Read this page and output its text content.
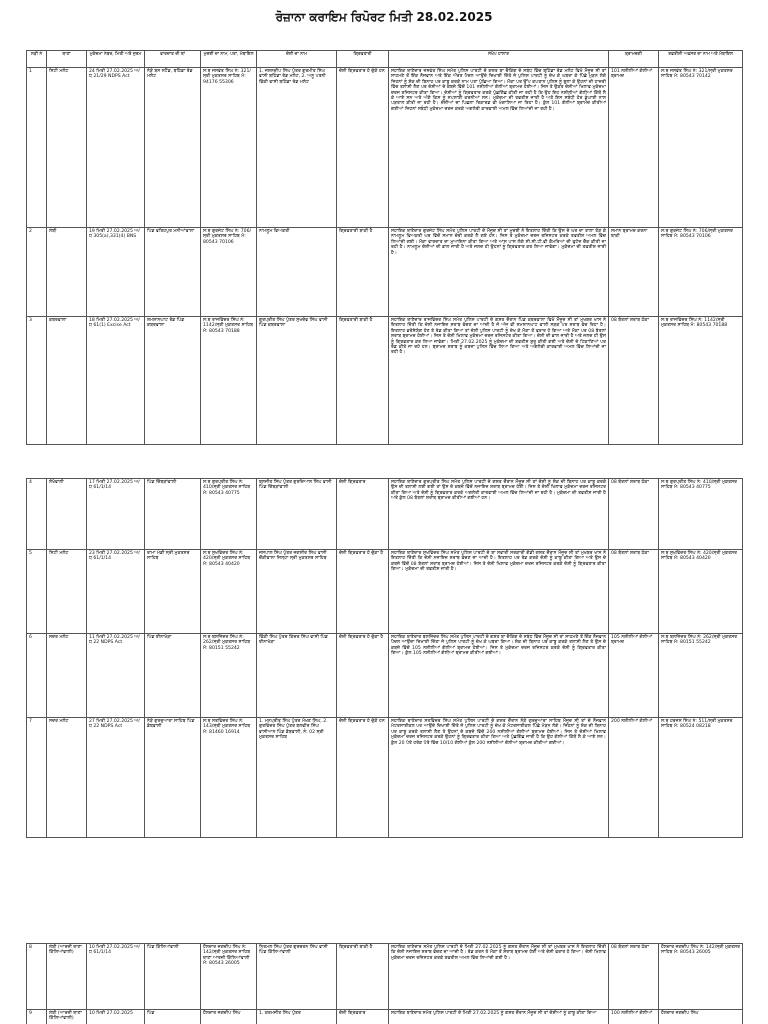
ਰੋਜ਼ਾਨਾ ਕਰਾਇਮ ਰਿਪੋਰਟ ਮਿਤੀ 28.02.2025
ਲੜੀ ਨੰ	ਥਾਣਾ	ਮੁਕੱਦਮਾ ਨੰਬਰ, ਮਿਤੀ ਅਤੇ ਜੁਰਮ	ਵਾਰਦਾਤ ਦੀ ਥਾਂ	ਮੁਦਈ ਦਾ ਨਾਮ, ਪਤਾ, ਮੋਬਾਇਲ	ਦੋਸ਼ੀ ਦਾ ਨਾਮ	ਗ੍ਰਿਫਤਾਰੀ	ਸੰਖੇਪ ਹਾਲਾਤ	ਬ੍ਰਾਮਦਗੀ	ਤਫਤੀਸ਼ੀ ਅਫਸਰ ਦਾ ਨਾਮ ਅਤੇ ਮੋਬਾਇਲ
1	ਸਿਟੀ ਮਲੋਟ	24 ਮਿਤੀ 27.02.2025 ਅ/ਧ 21/29 NDPS Act	ਨੇੜੇ ਬਸ ਸਟੈਂਡ, ਬਠਿੰਡਾ ਰੋਡ ਮਲੋਟ	ਸ:ਥ ਜਸਵੰਤ ਸਿੰਘ ਨੰ: 321/ਸ੍ਰੀ ਮੁਕਤਸਰ ਸਾਹਿਬ ਮੋ: 94176 55306	1. ਜਸ਼ਨਦੀਪ ਸਿੰਘ ਪੁੱਤਰ ਗੁਰਮੀਤ ਸਿੰਘ ਵਾਸੀ ਬਠਿੰਡਾ ਰੋਡ ਮਲੋਟ, 2. ਅਨੂ ਪਤਨੀ ਵਿੱਕੀ ਵਾਸੀ ਬਠਿੰਡਾ ਰੋਡ ਮਲੋਟ	ਦੋਸ਼ੀ ਗ੍ਰਿਫਤਾਰ ਹੋ ਚੁੱਕੇ ਹਨ	ਸਹਾਇਕ ਥਾਣੇਦਾਰ ਜਸਵੰਤ ਸਿੰਘ ਸਮੇਤ ਪੁਲਿਸ ਪਾਰਟੀ ਦੇ ਗਸ਼ਤ ਬਾ ਚੈਕਿੰਗ ਦੇ ਸਬੰਧ ਵਿੱਚ ਬਠਿੰਡਾ ਰੋਡ ਮਲੋਟ ਵਿਖੇ ਮੌਜੂਦ ਸੀ ਤਾਂ ਸਾਹਮਣੇ ਤੋਂ ਇੱਕ ਨੌਜਵਾਨ ਅਤੇ ਇੱਕ ਔਰਤ ਪੈਦਲ ਆਉਂਦੇ ਦਿਖਾਈ ਦਿੱਤੇ ਜੋ ਪੁਲਿਸ ਪਾਰਟੀ ਨੂੰ ਦੇਖ ਕੇ ਘਬਰਾ ਕੇ ਪਿੱਛੇ ਮੁੜਨ ਲੱਗੇ ਜਿਹਨਾਂ ਨੂੰ ਸ਼ੱਕ ਦੀ ਬਿਨਾਹ ਪਰ ਕਾਬੂ ਕਰਕੇ ਨਾਮ ਪਤਾ ਪੁੱਛਿਆ ਗਿਆ। ਮੌਕਾ ਪਰ ਉੱਪ ਕਪਤਾਨ ਪੁਲਿਸ ਨੂੰ ਬੁਲਾ ਕੇ ਉਹਨਾਂ ਦੀ ਹਾਜ਼ਰੀ ਵਿੱਚ ਤਲਾਸ਼ੀ ਲੈਣ ਪਰ ਦੋਸ਼ੀਆਂ ਦੇ ਕਬਜ਼ੇ ਵਿੱਚੋਂ 101 ਨਸ਼ੀਲੀਆਂ ਗੋਲੀਆਂ ਬ੍ਰਾਮਦ ਹੋਈਆਂ। ਜਿਸ ਤੇ ਉਕਤ ਦੋਸ਼ੀਆਂ ਖਿਲਾਫ ਮੁਕੱਦਮਾ ਦਰਜ ਰਜਿਸਟਰ ਕੀਤਾ ਗਿਆ। ਦੋਸ਼ੀਆਂ ਨੂੰ ਗ੍ਰਿਫਤਾਰ ਕਰਕੇ ਪੁੱਛਗਿੱਛ ਕੀਤੀ ਜਾ ਰਹੀ ਹੈ ਕਿ ਉਹ ਇਹ ਨਸ਼ੀਲੀਆਂ ਗੋਲੀਆਂ ਕਿੱਥੋਂ ਲੈ ਕੇ ਆਏ ਸਨ ਅਤੇ ਅੱਗੇ ਕਿਸ ਨੂੰ ਸਪਲਾਈ ਕਰਨੀਆਂ ਸਨ। ਮੁਕੱਦਮਾ ਦੀ ਤਫਤੀਸ਼ ਜਾਰੀ ਹੈ ਅਤੇ ਇਸ ਸਬੰਧੀ ਹੋਰ ਡੂੰਘਾਈ ਨਾਲ ਪੜਤਾਲ ਕੀਤੀ ਜਾ ਰਹੀ ਹੈ। ਦੋਸ਼ੀਆਂ ਦਾ ਪਿਛਲਾ ਰਿਕਾਰਡ ਵੀ ਖੰਗਾਲਿਆ ਜਾ ਰਿਹਾ ਹੈ। ਕੁੱਲ 101 ਗੋਲੀਆਂ ਬ੍ਰਾਮਦ ਕੀਤੀਆਂ ਗਈਆਂ ਜਿਹਨਾਂ ਸਬੰਧੀ ਮੁਕੱਦਮਾ ਦਰਜ ਕਰਕੇ ਅਗਲੇਰੀ ਕਾਰਵਾਈ ਅਮਲ ਵਿੱਚ ਲਿਆਂਦੀ ਜਾ ਰਹੀ ਹੈ।	101 ਨਸ਼ੀਲੀਆਂ ਗੋਲੀਆਂ ਬ੍ਰਾਮਦ	ਸ:ਥ ਜਸਵੰਤ ਸਿੰਘ ਨੰ: 321/ਸ੍ਰੀ ਮੁਕਤਸਰ ਸਾਹਿਬ ਮੋ: 80543 70142
2	ਲੰਬੀ	19 ਮਿਤੀ 27.02.2025 ਅ/ਧ 305(a),331(4) BNS	ਪਿੰਡ ਫਤਿਹਪੁਰ ਮਨੀਆਂਵਾਲਾ	ਸ:ਥ ਗੁਰਜੰਟ ਸਿੰਘ ਨੰ: 706/ਸ੍ਰੀ ਮੁਕਤਸਰ ਸਾਹਿਬ ਮੋ: 80543 70106	ਨਾਮਲੂਮ ਵਿਅਕਤੀ	ਗ੍ਰਿਫਤਾਰੀ ਬਾਕੀ ਹੈ	ਸਹਾਇਕ ਥਾਣੇਦਾਰ ਗੁਰਜੰਟ ਸਿੰਘ ਸਮੇਤ ਪੁਲਿਸ ਪਾਰਟੀ ਦੇ ਮੌਜੂਦ ਸੀ ਤਾਂ ਮੁਦਈ ਨੇ ਇਤਲਾਹ ਦਿੱਤੀ ਕਿ ਉਸ ਦੇ ਘਰ ਦਾ ਤਾਲਾ ਤੋੜ ਕੇ ਨਾਮਲੂਮ ਵਿਅਕਤੀ ਘਰ ਵਿੱਚੋਂ ਸਮਾਨ ਚੋਰੀ ਕਰਕੇ ਲੈ ਗਏ ਹਨ। ਜਿਸ ਤੇ ਮੁਕੱਦਮਾ ਦਰਜ ਰਜਿਸਟਰ ਕਰਕੇ ਤਫਤੀਸ਼ ਅਮਲ ਵਿੱਚ ਲਿਆਂਦੀ ਗਈ। ਮੌਕਾ ਵਾਰਦਾਤ ਦਾ ਮੁਆਇਨਾ ਕੀਤਾ ਗਿਆ ਅਤੇ ਆਸ ਪਾਸ ਲੱਗੇ ਸੀ.ਸੀ.ਟੀ.ਵੀ ਕੈਮਰਿਆਂ ਦੀ ਫੁਟੇਜ ਚੈੱਕ ਕੀਤੀ ਜਾ ਰਹੀ ਹੈ। ਨਾਮਲੂਮ ਦੋਸ਼ੀਆਂ ਦੀ ਭਾਲ ਜਾਰੀ ਹੈ ਅਤੇ ਜਲਦ ਹੀ ਉਹਨਾਂ ਨੂੰ ਗ੍ਰਿਫਤਾਰ ਕਰ ਲਿਆ ਜਾਵੇਗਾ। ਮੁਕੱਦਮਾ ਦੀ ਤਫਤੀਸ਼ ਜਾਰੀ ਹੈ।	ਸਮਾਨ ਬ੍ਰਾਮਦ ਕਰਨਾ ਬਾਕੀ	ਸ:ਥ ਗੁਰਜੰਟ ਸਿੰਘ ਨੰ: 706/ਸ੍ਰੀ ਮੁਕਤਸਰ ਸਾਹਿਬ ਮੋ: 80543 70106
3	ਕਬਰਵਾਲਾ	18 ਮਿਤੀ 27.02.2025 ਅ/ਧ 61(1) Excise Act	ਸ਼ਮਸ਼ਾਨਘਾਟ ਰੋਡ ਪਿੰਡ ਕਬਰਵਾਲਾ	ਸ:ਥ ਰਾਜਵਿੰਦਰ ਸਿੰਘ ਨੰ: 1142/ਸ੍ਰੀ ਮੁਕਤਸਰ ਸਾਹਿਬ ਮੋ: 80543 70188	ਗੁਰਪ੍ਰੀਤ ਸਿੰਘ ਪੁੱਤਰ ਸੁਖਦੇਵ ਸਿੰਘ ਵਾਸੀ ਪਿੰਡ ਕਬਰਵਾਲਾ	ਗ੍ਰਿਫਤਾਰੀ ਬਾਕੀ ਹੈ	ਸਹਾਇਕ ਥਾਣੇਦਾਰ ਰਾਜਵਿੰਦਰ ਸਿੰਘ ਸਮੇਤ ਪੁਲਿਸ ਪਾਰਟੀ ਦੇ ਗਸ਼ਤ ਦੌਰਾਨ ਪਿੰਡ ਕਬਰਵਾਲਾ ਵਿਖੇ ਮੌਜੂਦ ਸੀ ਤਾਂ ਮੁਖਬਰ ਖਾਸ ਨੇ ਇਤਲਾਹ ਦਿੱਤੀ ਕਿ ਦੋਸ਼ੀ ਨਜਾਇਜ਼ ਸ਼ਰਾਬ ਵੇਚਣ ਦਾ ਆਦੀ ਹੈ ਜੋ ਅੱਜ ਵੀ ਸ਼ਮਸ਼ਾਨਘਾਟ ਵਾਲੀ ਸੜਕ ਪਰ ਸ਼ਰਾਬ ਵੇਚ ਰਿਹਾ ਹੈ। ਇਤਲਾਹ ਭਰੋਸੇਯੋਗ ਹੋਣ ਤੇ ਰੇਡ ਕੀਤਾ ਗਿਆ ਤਾਂ ਦੋਸ਼ੀ ਪੁਲਿਸ ਪਾਰਟੀ ਨੂੰ ਦੇਖ ਕੇ ਮੌਕਾ ਤੋਂ ਫਰਾਰ ਹੋ ਗਿਆ ਅਤੇ ਮੌਕਾ ਪਰ 08 ਬੋਤਲਾਂ ਸ਼ਰਾਬ ਬ੍ਰਾਮਦ ਹੋਈਆਂ। ਜਿਸ ਤੇ ਦੋਸ਼ੀ ਖਿਲਾਫ ਮੁਕੱਦਮਾ ਦਰਜ ਰਜਿਸਟਰ ਕੀਤਾ ਗਿਆ। ਦੋਸ਼ੀ ਦੀ ਭਾਲ ਜਾਰੀ ਹੈ ਅਤੇ ਜਲਦ ਹੀ ਉਸ ਨੂੰ ਗ੍ਰਿਫਤਾਰ ਕਰ ਲਿਆ ਜਾਵੇਗਾ। ਮਿਤੀ 27.02.2025 ਨੂੰ ਮੁਕੱਦਮਾ ਦੀ ਤਫਤੀਸ਼ ਸ਼ੁਰੂ ਕੀਤੀ ਗਈ ਅਤੇ ਦੋਸ਼ੀ ਦੇ ਟਿਕਾਣਿਆਂ ਪਰ ਰੇਡ ਕੀਤੇ ਜਾ ਰਹੇ ਹਨ। ਬ੍ਰਾਮਦ ਸ਼ਰਾਬ ਨੂੰ ਕਬਜ਼ਾ ਪੁਲਿਸ ਵਿੱਚ ਲਿਆ ਗਿਆ ਅਤੇ ਅਗਲੇਰੀ ਕਾਰਵਾਈ ਅਮਲ ਵਿੱਚ ਲਿਆਂਦੀ ਜਾ ਰਹੀ ਹੈ।	08 ਬੋਤਲਾਂ ਸ਼ਰਾਬ ਠੇਕਾ	ਸ:ਥ ਰਾਜਵਿੰਦਰ ਸਿੰਘ ਨੰ: 1142/ਸ੍ਰੀ ਮੁਕਤਸਰ ਸਾਹਿਬ ਮੋ: 80543 70188
4	ਲੱਖੇਵਾਲੀ	17 ਮਿਤੀ 27.02.2025 ਅ/ਧ 61/1/14	ਪਿੰਡ ਚਿੱਬੜਾਂਵਾਲੀ	ਸ:ਥ ਗੁਰਪ੍ਰੀਤ ਸਿੰਘ ਨੰ: 410/ਸ੍ਰੀ ਮੁਕਤਸਰ ਸਾਹਿਬ ਮੋ: 80543 40775	ਬਲਜੀਤ ਸਿੰਘ ਪੁੱਤਰ ਗੁਰਦਿਆਲ ਸਿੰਘ ਵਾਸੀ ਪਿੰਡ ਚਿੱਬੜਾਂਵਾਲੀ	ਦੋਸ਼ੀ ਗ੍ਰਿਫਤਾਰ	ਸਹਾਇਕ ਥਾਣੇਦਾਰ ਗੁਰਪ੍ਰੀਤ ਸਿੰਘ ਸਮੇਤ ਪੁਲਿਸ ਪਾਰਟੀ ਦੇ ਗਸ਼ਤ ਦੌਰਾਨ ਮੌਜੂਦ ਸੀ ਤਾਂ ਦੋਸ਼ੀ ਨੂੰ ਸ਼ੱਕ ਦੀ ਬਿਨਾਹ ਪਰ ਕਾਬੂ ਕਰਕੇ ਉਸ ਦੀ ਤਲਾਸ਼ੀ ਲਈ ਗਈ ਤਾਂ ਉਸ ਦੇ ਕਬਜ਼ੇ ਵਿੱਚੋਂ ਨਜਾਇਜ਼ ਸ਼ਰਾਬ ਬ੍ਰਾਮਦ ਹੋਈ। ਜਿਸ ਤੇ ਦੋਸ਼ੀ ਖਿਲਾਫ ਮੁਕੱਦਮਾ ਦਰਜ ਰਜਿਸਟਰ ਕੀਤਾ ਗਿਆ ਅਤੇ ਦੋਸ਼ੀ ਨੂੰ ਗ੍ਰਿਫਤਾਰ ਕਰਕੇ ਅਗਲੇਰੀ ਕਾਰਵਾਈ ਅਮਲ ਵਿੱਚ ਲਿਆਂਦੀ ਜਾ ਰਹੀ ਹੈ। ਮੁਕੱਦਮਾ ਦੀ ਤਫਤੀਸ਼ ਜਾਰੀ ਹੈ ਅਤੇ ਕੁੱਲ 08 ਬੋਤਲਾਂ ਸ਼ਰਾਬ ਬ੍ਰਾਮਦ ਕੀਤੀਆਂ ਗਈਆਂ ਹਨ।	08 ਬੋਤਲਾਂ ਸ਼ਰਾਬ ਠੇਕਾ	ਸ:ਥ ਗੁਰਪ੍ਰੀਤ ਸਿੰਘ ਨੰ: 410/ਸ੍ਰੀ ਮੁਕਤਸਰ ਸਾਹਿਬ ਮੋ: 80543 40775
5	ਸਿਟੀ ਮਲੋਟ	23 ਮਿਤੀ 27.02.2025 ਅ/ਧ 61/1/14	ਰਾਮਾ ਮੰਡੀ ਸ੍ਰੀ ਮੁਕਤਸਰ ਸਾਹਿਬ	ਸ:ਥ ਸੁਖਵਿੰਦਰ ਸਿੰਘ ਨੰ: 420/ਸ੍ਰੀ ਮੁਕਤਸਰ ਸਾਹਿਬ ਮੋ: 80543 40420	ਜਸਪਾਲ ਸਿੰਘ ਪੁੱਤਰ ਜਗਸੀਰ ਸਿੰਘ ਵਾਸੀ ਚੌਂਕੀਵਾਲਾ ਜਿਲ੍ਹਾ ਸ੍ਰੀ ਮੁਕਤਸਰ ਸਾਹਿਬ	ਦੋਸ਼ੀ ਗ੍ਰਿਫਤਾਰ ਹੋ ਚੁੱਕਾ ਹੈ	ਸਹਾਇਕ ਥਾਣੇਦਾਰ ਸੁਖਵਿੰਦਰ ਸਿੰਘ ਸਮੇਤ ਪੁਲਿਸ ਪਾਰਟੀ ਦੇ ਬਾ ਸਵਾਰੀ ਸਰਕਾਰੀ ਗੱਡੀ ਗਸ਼ਤ ਦੌਰਾਨ ਮੌਜੂਦ ਸੀ ਤਾਂ ਮੁਖਬਰ ਖਾਸ ਨੇ ਇਤਲਾਹ ਦਿੱਤੀ ਕਿ ਦੋਸ਼ੀ ਨਜਾਇਜ਼ ਸ਼ਰਾਬ ਵੇਚਣ ਦਾ ਆਦੀ ਹੈ। ਇਤਲਾਹ ਪਰ ਰੇਡ ਕਰਕੇ ਦੋਸ਼ੀ ਨੂੰ ਕਾਬੂ ਕੀਤਾ ਗਿਆ ਅਤੇ ਉਸ ਦੇ ਕਬਜ਼ੇ ਵਿੱਚੋਂ 08 ਬੋਤਲਾਂ ਸ਼ਰਾਬ ਬ੍ਰਾਮਦ ਹੋਈਆਂ। ਜਿਸ ਤੇ ਦੋਸ਼ੀ ਖਿਲਾਫ ਮੁਕੱਦਮਾ ਦਰਜ ਰਜਿਸਟਰ ਕਰਕੇ ਦੋਸ਼ੀ ਨੂੰ ਗ੍ਰਿਫਤਾਰ ਕੀਤਾ ਗਿਆ। ਮੁਕੱਦਮਾ ਦੀ ਤਫਤੀਸ਼ ਜਾਰੀ ਹੈ।	08 ਬੋਤਲਾਂ ਸ਼ਰਾਬ ਠੇਕਾ	ਸ:ਥ ਸੁਖਵਿੰਦਰ ਸਿੰਘ ਨੰ: 420/ਸ੍ਰੀ ਮੁਕਤਸਰ ਸਾਹਿਬ ਮੋ: 80543 40420
6	ਸਦਰ ਮਲੋਟ	11 ਮਿਤੀ 27.02.2025 ਅ/ਧ 22 NDPS Act	ਪਿੰਡ ਈਨਾਖੇੜਾ	ਸ:ਥ ਬਲਜਿੰਦਰ ਸਿੰਘ ਨੰ: 262/ਸ੍ਰੀ ਮੁਕਤਸਰ ਸਾਹਿਬ ਮੋ: 80151 55242	ਵਿੱਕੀ ਸਿੰਘ ਪੁੱਤਰ ਕਿੰਦਰ ਸਿੰਘ ਵਾਸੀ ਪਿੰਡ ਈਨਾਖੇੜਾ	ਦੋਸ਼ੀ ਗ੍ਰਿਫਤਾਰ ਹੋ ਚੁੱਕਾ ਹੈ	ਸਹਾਇਕ ਥਾਣੇਦਾਰ ਬਲਜਿੰਦਰ ਸਿੰਘ ਸਮੇਤ ਪੁਲਿਸ ਪਾਰਟੀ ਦੇ ਗਸ਼ਤ ਬਾ ਚੈਕਿੰਗ ਦੇ ਸਬੰਧ ਵਿੱਚ ਮੌਜੂਦ ਸੀ ਤਾਂ ਸਾਹਮਣੇ ਤੋਂ ਇੱਕ ਨੌਜਵਾਨ ਪੈਦਲ ਆਉਂਦਾ ਦਿਖਾਈ ਦਿੱਤਾ ਜੋ ਪੁਲਿਸ ਪਾਰਟੀ ਨੂੰ ਦੇਖ ਕੇ ਘਬਰਾ ਗਿਆ। ਸ਼ੱਕ ਦੀ ਬਿਨਾਹ ਪਰ ਕਾਬੂ ਕਰਕੇ ਤਲਾਸ਼ੀ ਲੈਣ ਤੇ ਉਸ ਦੇ ਕਬਜ਼ੇ ਵਿੱਚੋਂ 105 ਨਸ਼ੀਲੀਆਂ ਗੋਲੀਆਂ ਬ੍ਰਾਮਦ ਹੋਈਆਂ। ਜਿਸ ਤੇ ਮੁਕੱਦਮਾ ਦਰਜ ਰਜਿਸਟਰ ਕਰਕੇ ਦੋਸ਼ੀ ਨੂੰ ਗ੍ਰਿਫਤਾਰ ਕੀਤਾ ਗਿਆ। ਕੁੱਲ 105 ਨਸ਼ੀਲੀਆਂ ਗੋਲੀਆਂ ਬ੍ਰਾਮਦ ਕੀਤੀਆਂ ਗਈਆਂ।	105 ਨਸ਼ੀਲੀਆਂ ਗੋਲੀਆਂ ਬ੍ਰਾਮਦ	ਸ:ਥ ਬਲਜਿੰਦਰ ਸਿੰਘ ਨੰ: 262/ਸ੍ਰੀ ਮੁਕਤਸਰ ਸਾਹਿਬ ਮੋ: 80151 55242
7	ਸਦਰ ਮਲੋਟ	27 ਮਿਤੀ 27.02.2025 ਅ/ਧ 22 NDPS Act	ਨੇੜੇ ਗੁਰਦੁਆਰਾ ਸਾਹਿਬ ਪਿੰਡ ਡੱਬਵਾਲੀ	ਸ:ਥ ਸਤਵਿੰਦਰ ਸਿੰਘ ਨੰ: 143/ਸ੍ਰੀ ਮੁਕਤਸਰ ਸਾਹਿਬ ਮੋ: 81460 16914	1. ਮਨਪ੍ਰੀਤ ਸਿੰਘ ਪੁੱਤਰ ਮੱਖਣ ਸਿੰਘ, 2. ਗੁਰਵਿੰਦਰ ਸਿੰਘ ਪੁੱਤਰ ਬਲਵੀਰ ਸਿੰਘ ਵਾਸੀਆਨ ਪਿੰਡ ਡੱਬਵਾਲੀ, ਨੰ: 02 ਸ੍ਰੀ ਮੁਕਤਸਰ ਸਾਹਿਬ	ਦੋਸ਼ੀ ਗ੍ਰਿਫਤਾਰ ਹੋ ਚੁੱਕੇ ਹਨ	ਸਹਾਇਕ ਥਾਣੇਦਾਰ ਸਤਵਿੰਦਰ ਸਿੰਘ ਸਮੇਤ ਪੁਲਿਸ ਪਾਰਟੀ ਦੇ ਗਸ਼ਤ ਦੌਰਾਨ ਨੇੜੇ ਗੁਰਦੁਆਰਾ ਸਾਹਿਬ ਮੌਜੂਦ ਸੀ ਤਾਂ ਦੋ ਨੌਜਵਾਨ ਮੋਟਰਸਾਈਕਲ ਪਰ ਆਉਂਦੇ ਦਿਖਾਈ ਦਿੱਤੇ ਜੋ ਪੁਲਿਸ ਪਾਰਟੀ ਨੂੰ ਦੇਖ ਕੇ ਮੋਟਰਸਾਈਕਲ ਪਿੱਛੇ ਮੋੜਨ ਲੱਗੇ। ਜਿਹਨਾਂ ਨੂੰ ਸ਼ੱਕ ਦੀ ਬਿਨਾਹ ਪਰ ਕਾਬੂ ਕਰਕੇ ਤਲਾਸ਼ੀ ਲੈਣ ਤੇ ਉਹਨਾਂ ਦੇ ਕਬਜ਼ੇ ਵਿੱਚੋਂ 200 ਨਸ਼ੀਲੀਆਂ ਗੋਲੀਆਂ ਬ੍ਰਾਮਦ ਹੋਈਆਂ। ਜਿਸ ਤੇ ਦੋਸ਼ੀਆਂ ਖਿਲਾਫ ਮੁਕੱਦਮਾ ਦਰਜ ਰਜਿਸਟਰ ਕਰਕੇ ਉਹਨਾਂ ਨੂੰ ਗ੍ਰਿਫਤਾਰ ਕੀਤਾ ਗਿਆ ਅਤੇ ਪੁੱਛਗਿੱਛ ਜਾਰੀ ਹੈ ਕਿ ਉਹ ਗੋਲੀਆਂ ਕਿੱਥੋਂ ਲੈ ਕੇ ਆਏ ਸਨ। ਕੁੱਲ 20 ਪੱਤੇ ਹਰੇਕ ਪੱਤੇ ਵਿੱਚ 10/10 ਗੋਲੀਆਂ ਕੁੱਲ 200 ਨਸ਼ੀਲੀਆਂ ਗੋਲੀਆਂ ਬ੍ਰਾਮਦ ਕੀਤੀਆਂ ਗਈਆਂ।	200 ਨਸ਼ੀਲੀਆਂ ਗੋਲੀਆਂ	ਸ:ਥ ਹਰਜਸ ਸਿੰਘ ਨੰ: 511/ਸ੍ਰੀ ਮੁਕਤਸਰ ਸਾਹਿਬ ਮੋ: 80524 08218
8	ਲੰਬੀ (ਆਰਜ਼ੀ ਥਾਣਾ ਕਿੱਲਿਆਂਵਾਲੀ)	10 ਮਿਤੀ 27.02.2025 ਅ/ਧ 61/1/14	ਪਿੰਡ ਕਿੱਲਿਆਂਵਾਲੀ	ਹੌਲਦਾਰ ਜਗਦੀਪ ਸਿੰਘ ਨੰ: 142/ਸ੍ਰੀ ਮੁਕਤਸਰ ਸਾਹਿਬ ਥਾਣਾ ਆਰਜ਼ੀ ਕਿੱਲਿਆਂਵਾਲੀ ਮੋ: 80543 26005	ਨਿਰਮਲ ਸਿੰਘ ਪੁੱਤਰ ਗੁਰਚਰਨ ਸਿੰਘ ਵਾਸੀ ਪਿੰਡ ਕਿੱਲਿਆਂਵਾਲੀ	ਗ੍ਰਿਫਤਾਰੀ ਬਾਕੀ ਹੈ	ਸਹਾਇਕ ਥਾਣੇਦਾਰ ਸਮੇਤ ਪੁਲਿਸ ਪਾਰਟੀ ਦੇ ਮਿਤੀ 27.02.2025 ਨੂੰ ਗਸ਼ਤ ਦੌਰਾਨ ਮੌਜੂਦ ਸੀ ਤਾਂ ਮੁਖਬਰ ਖਾਸ ਨੇ ਇਤਲਾਹ ਦਿੱਤੀ ਕਿ ਦੋਸ਼ੀ ਨਜਾਇਜ਼ ਸ਼ਰਾਬ ਵੇਚਣ ਦਾ ਆਦੀ ਹੈ। ਰੇਡ ਕਰਨ ਤੇ ਮੌਕਾ ਤੋਂ ਸ਼ਰਾਬ ਬ੍ਰਾਮਦ ਹੋਈ ਅਤੇ ਦੋਸ਼ੀ ਫਰਾਰ ਹੋ ਗਿਆ। ਦੋਸ਼ੀ ਖਿਲਾਫ ਮੁਕੱਦਮਾ ਦਰਜ ਰਜਿਸਟਰ ਕਰਕੇ ਤਫਤੀਸ਼ ਅਮਲ ਵਿੱਚ ਲਿਆਂਦੀ ਗਈ ਹੈ।	08 ਬੋਤਲਾਂ ਸ਼ਰਾਬ ਠੇਕਾ	ਹੌਲਦਾਰ ਜਗਦੀਪ ਸਿੰਘ ਨੰ: 142/ਸ੍ਰੀ ਮੁਕਤਸਰ ਸਾਹਿਬ ਮੋ: 80543 26005
9	ਲੰਬੀ (ਆਰਜ਼ੀ ਥਾਣਾ ਕਿੱਲਿਆਂਵਾਲੀ)	10 ਮਿਤੀ 27.02.2025	ਪਿੰਡ	ਹੌਲਦਾਰ ਜਗਦੀਪ ਸਿੰਘ	1. ਕਰਮਜੀਤ ਸਿੰਘ ਪੁੱਤਰ	ਦੋਸ਼ੀ ਗ੍ਰਿਫਤਾਰ	ਸਹਾਇਕ ਥਾਣੇਦਾਰ ਸਮੇਤ ਪੁਲਿਸ ਪਾਰਟੀ ਦੇ ਮਿਤੀ 27.02.2025 ਨੂੰ ਗਸ਼ਤ ਦੌਰਾਨ ਮੌਜੂਦ ਸੀ ਤਾਂ ਦੋਸ਼ੀਆਂ ਨੂੰ ਕਾਬੂ ਕੀਤਾ ਗਿਆ	100 ਨਸ਼ੀਲੀਆਂ ਗੋਲੀਆਂ	ਹੌਲਦਾਰ ਜਗਦੀਪ ਸਿੰਘ
